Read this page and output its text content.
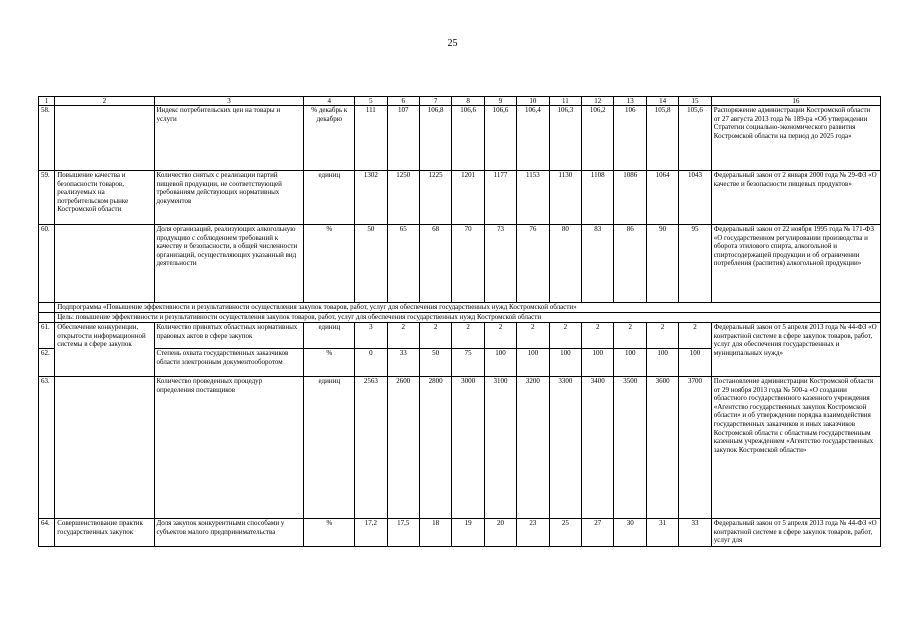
25
1	2	3	4	5	6	7	8	9	10	11	12	13	14	15	16
58.		Индекс потребительских цен на товары и услуги	% декабрь к декабрю	111	107	106,8	106,6	106,6	106,4	106,3	106,2	106	105,8	105,6	Распоряжение администрации Костромской области от 27 августа 2013 года № 189-ра «Об утверждении Стратегии социально-экономического развития Костромской области на период до 2025 года»
59.	Повышение качества и безопасности товаров, реализуемых на потребительском рынке Костромской области	Количество снятых с реализации партий пищевой продукции, не соответствующей требованиям действующих нормативных документов	единиц	1302	1250	1225	1201	1177	1153	1130	1108	1086	1064	1043	Федеральный закон от 2 января 2000 года № 29-ФЗ «О качестве и безопасности пищевых продуктов»
60.		Доля организаций, реализующих алкогольную продукцию с соблюдением требований к качеству и безопасности, в общей численности организаций, осуществляющих указанный вид деятельности	%	50	65	68	70	73	76	80	83	86	90	95	Федеральный закон от 22 ноября 1995 года № 171-ФЗ «О государственном регулировании производства и оборота этилового спирта, алкогольной и спиртосодержащей продукции и об ограничении потребления (распития) алкогольной продукции»
	Подпрограмма «Повышение эффективности и результативности осуществления закупок товаров, работ, услуг для обеспечения государственных нужд Костромской области»														
	Цель: повышение эффективности и результативности осуществления закупок товаров, работ, услуг для обеспечения государственных нужд Костромской области														
61.	Обеспечение конкуренции, открытости информационной системы в сфере закупок	Количество принятых областных нормативных правовых актов в сфере закупок	единиц	3	2	2	2	2	2	2	2	2	2	2	Федеральный закон от 5 апреля 2013 года № 44-ФЗ «О контрактной системе в сфере закупок товаров, работ, услуг для обеспечения государственных и муниципальных нужд»
62.		Степень охвата государственных заказчиков области электронным документооборотом	%	0	33	50	75	100	100	100	100	100	100	100	
63.		Количество проведенных процедур определения поставщиков	единиц	2563	2600	2800	3000	3100	3200	3300	3400	3500	3600	3700	Постановление администрации Костромской области от 29 ноября 2013 года № 500-а «О создании областного государственного казенного учреждения «Агентство государственных закупок Костромской области» и об утверждении порядка взаимодействия государственных заказчиков и иных заказчиков Костромской области с областным государственным казенным учреждением «Агентство государственных закупок Костромской области»
64.	Совершенствование практик государственных закупок	Доля закупок конкурентными способами у субъектов малого предпринимательства	%	17,2	17,5	18	19	20	23	25	27	30	31	33	Федеральный закон от 5 апреля 2013 года № 44-ФЗ «О контрактной системе в сфере закупок товаров, работ, услуг для
